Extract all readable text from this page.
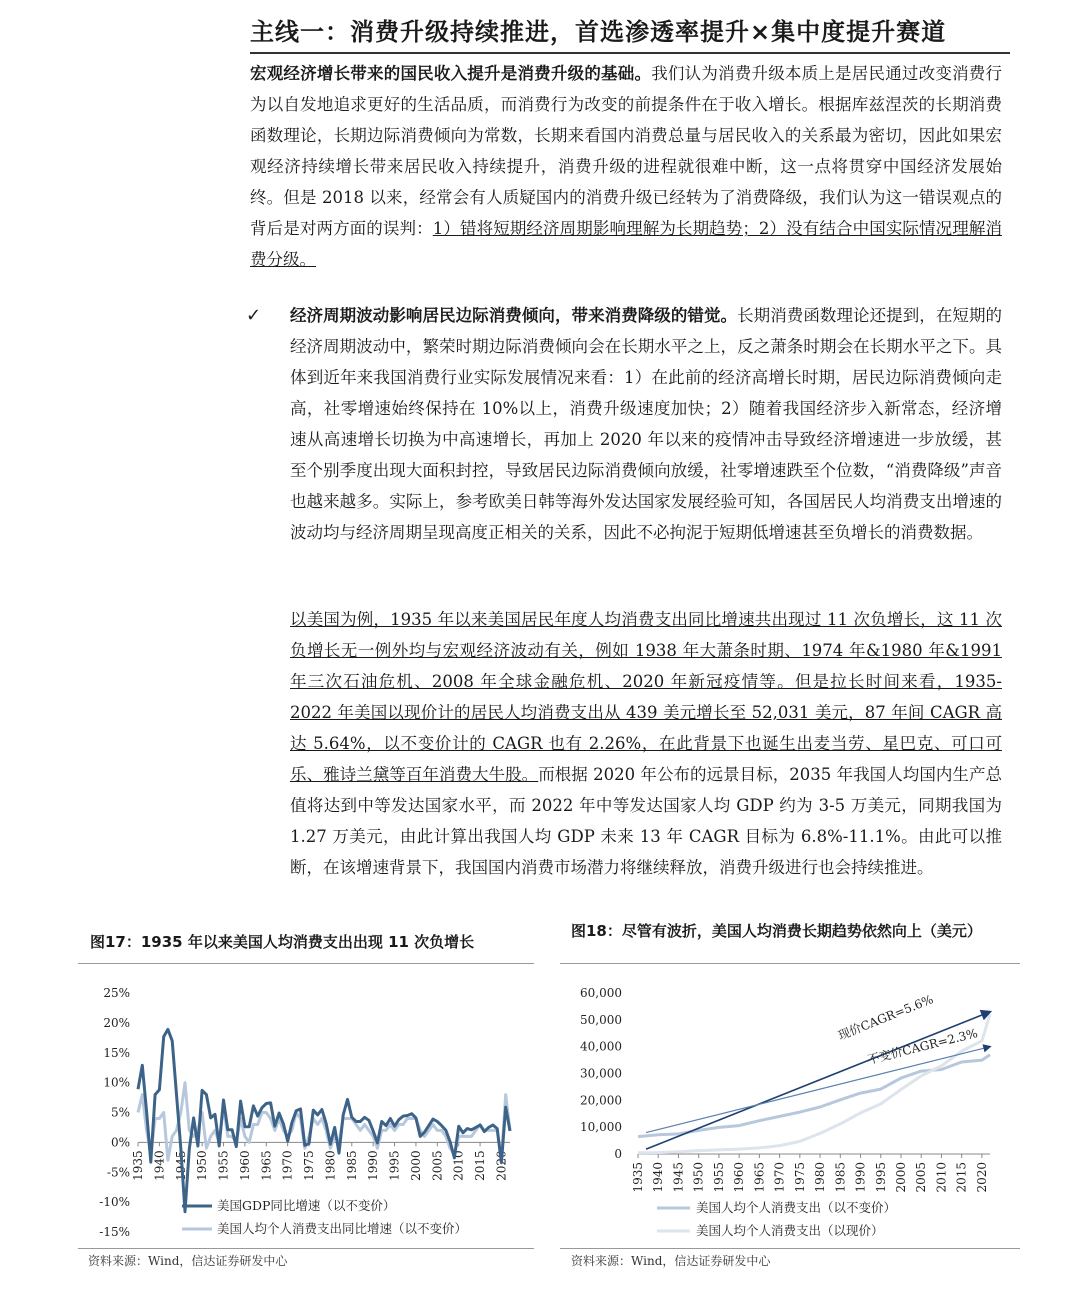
主线一：消费升级持续推进，首选渗透率提升×集中度提升赛道
宏观经济增长带来的国民收入提升是消费升级的基础。我们认为消费升级本质上是居民通过改变消费行为以自发地追求更好的生活品质，而消费行为改变的前提条件在于收入增长。根据库兹涅茨的长期消费函数理论，长期边际消费倾向为常数，长期来看国内消费总量与居民收入的关系最为密切，因此如果宏观经济持续增长带来居民收入持续提升，消费升级的进程就很难中断，这一点将贯穿中国经济发展始终。但是 2018 以来，经常会有人质疑国内的消费升级已经转为了消费降级，我们认为这一错误观点的背后是对两方面的误判：1）错将短期经济周期影响理解为长期趋势；2）没有结合中国实际情况理解消费分级。
✓ 经济周期波动影响居民边际消费倾向，带来消费降级的错觉。长期消费函数理论还提到，在短期的经济周期波动中，繁荣时期边际消费倾向会在长期水平之上，反之萧条时期会在长期水平之下。具体到近年来我国消费行业实际发展情况来看：1）在此前的经济高增长时期，居民边际消费倾向走高，社零增速始终保持在 10%以上，消费升级速度加快；2）随着我国经济步入新常态，经济增速从高速增长切换为中高速增长，再加上 2020 年以来的疫情冲击导致经济增速进一步放缓，甚至个别季度出现大面积封控，导致居民边际消费倾向放缓，社零增速跌至个位数，“消费降级”声音也越来越多。实际上，参考欧美日韩等海外发达国家发展经验可知，各国居民人均消费支出增速的波动均与经济周期呈现高度正相关的关系，因此不必拘泥于短期低增速甚至负增长的消费数据。
以美国为例，1935 年以来美国居民年度人均消费支出同比增速共出现过 11 次负增长，这 11 次负增长无一例外均与宏观经济波动有关，例如 1938 年大萧条时期、1974 年&1980 年&1991 年三次石油危机、2008 年全球金融危机、2020 年新冠疫情等。但是拉长时间来看，1935-2022 年美国以现价计的居民人均消费支出从 439 美元增长至 52,031 美元，87 年间 CAGR 高达 5.64%，以不变价计的 CAGR 也有 2.26%，在此背景下也诞生出麦当劳、星巴克、可口可乐、雅诗兰黛等百年消费大牛股。而根据 2020 年公布的远景目标，2035 年我国人均国内生产总值将达到中等发达国家水平，而 2022 年中等发达国家人均 GDP 约为 3-5 万美元，同期我国为 1.27 万美元，由此计算出我国人均 GDP 未来 13 年 CAGR 目标为 6.8%-11.1%。由此可以推断，在该增速背景下，我国国内消费市场潜力将继续释放，消费升级进行也会持续推进。
图17：1935 年以来美国人均消费支出出现 11 次负增长
图18：尽管有波折，美国人均消费长期趋势依然向上（美元）
25%
20%
15%
10%
5%
0%
-5%
-10%
-15%
1935 1940 1945 1950 1955 1960 1965 1970 1975 1980 1985 1990 1995 2000 2005 2010 2015 2020
美国GDP同比增速（以不变价）
美国人均个人消费支出同比增速（以不变价）
60,000
50,000
40,000
30,000
20,000
10,000
0
1935 1940 1945 1950 1955 1960 1965 1970 1975 1980 1985 1990 1995 2000 2005 2010 2015 2020
现价CAGR=5.6%
不变价CAGR=2.3%
美国人均个人消费支出（以不变价）
美国人均个人消费支出（以现价）
资料来源：Wind，信达证券研发中心	资料来源：Wind，信达证券研发中心
